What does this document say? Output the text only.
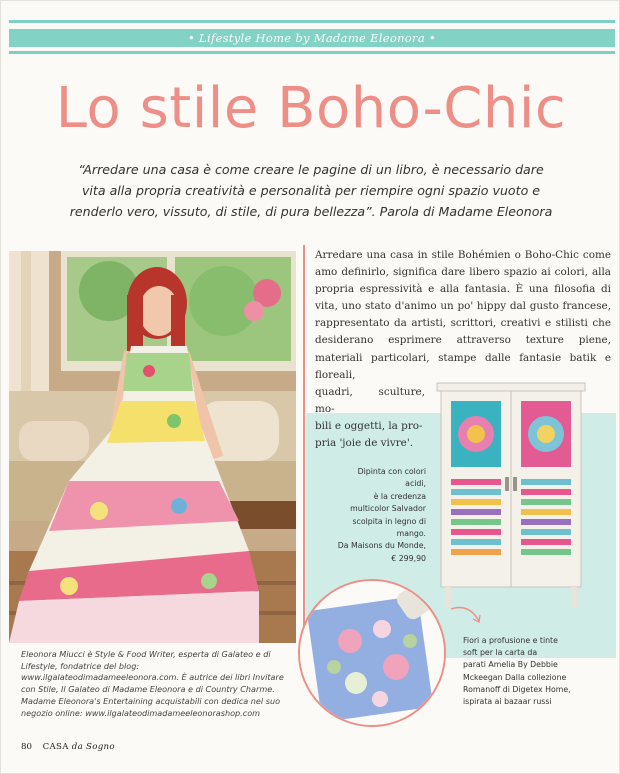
• Lifestyle Home by Madame Eleonora •
Lo stile Boho-Chic
“Arredare una casa è come creare le pagine di un libro, è necessario dare
vita alla propria creatività e personalità per riempire ogni spazio vuoto e
renderlo vero, vissuto, di stile, di pura bellezza”. Parola di Madame Eleonora

Arredare una casa in stile Bohémien o Boho-Chic come amo definirlo, significa dare libero spazio ai colori, alla propria espressività e alla fantasia. È una filosofia di vita, uno stato d'animo un po' hippy dal gusto francese, rappresentato da artisti, scrittori, creativi e stilisti che desiderano esprimere attraverso texture piene, materiali particolari, stampe dalle fantasie batik e floreali,

quadri, sculture, mo-

bili e oggetti, la pro-

pria 'joie de vivre'.

Dipinta con colori acidi,
è la credenza
multicolor Salvador
scolpita in legno di
mango.
Da Maisons du Monde,
€ 299,90
Fiori a profusione e tinte
soft per la carta da
parati Amelia By Debbie
Mckeegan Dalla collezione
Romanoff di Digetex Home,
ispirata ai bazaar russi
Eleonora Miucci è Style & Food Writer, esperta di Galateo e di Lifestyle, fondatrice del blog: www.ilgalateodimadameeleonora.com. È autrice dei libri Invitare con Stile, Il Galateo di Madame Eleonora e di Country Charme. Madame Eleonora's Entertaining acquistabili con dedica nel suo negozio online: www.ilgalateodimadameeleonorashop.com
80 CASA da Sogno
